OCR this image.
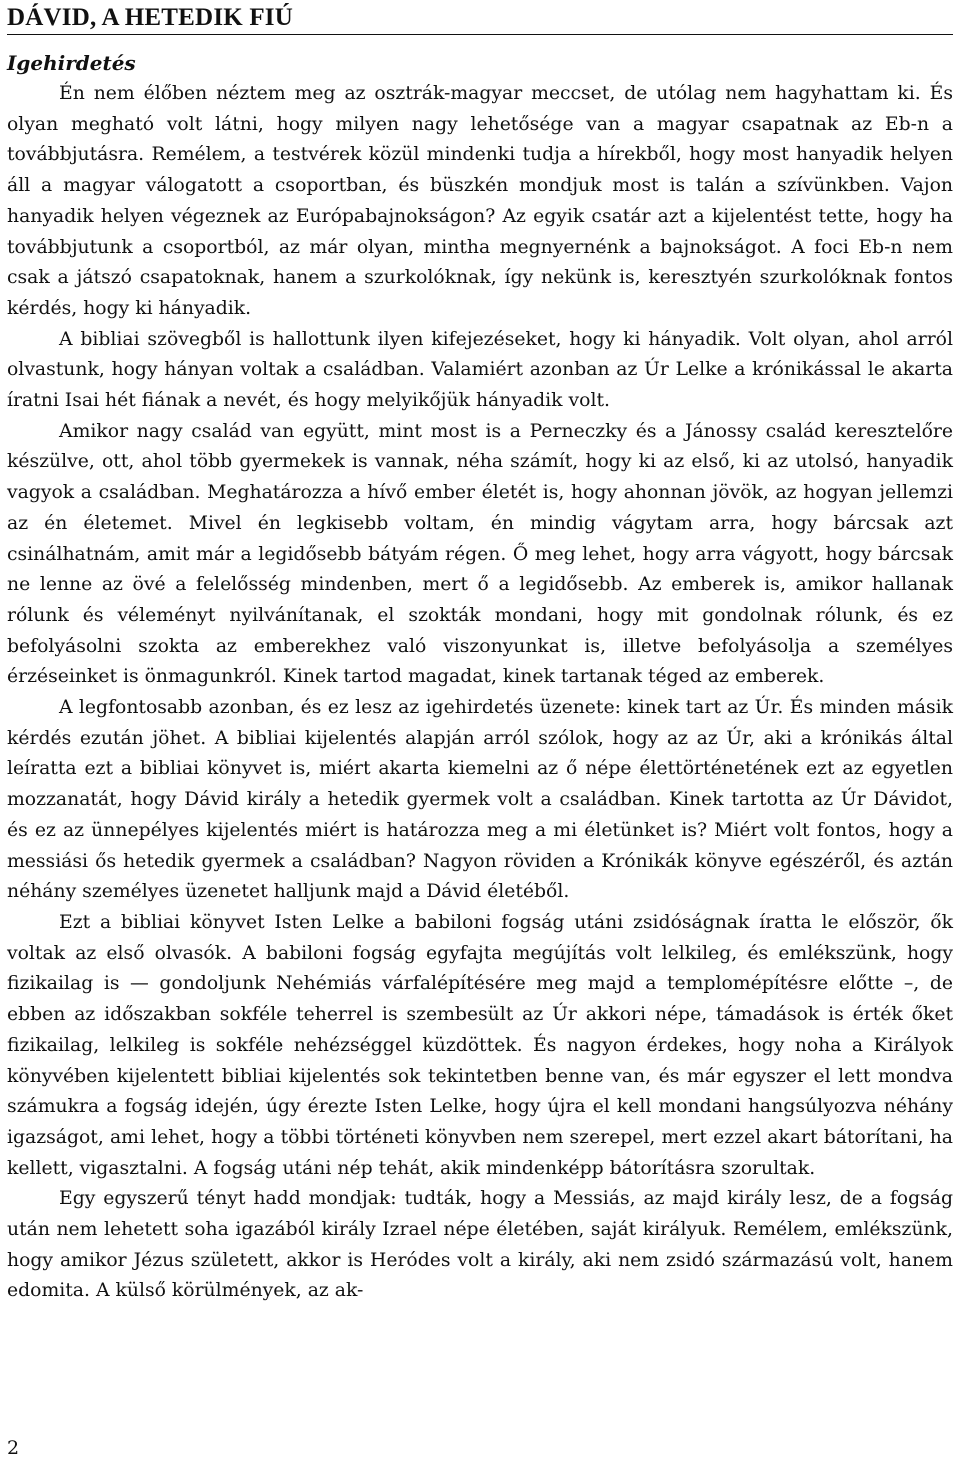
DÁVID, A HETEDIK FIÚ
Igehirdetés

Én nem élőben néztem meg az osztrák-magyar meccset, de utólag nem hagyhattam ki. És olyan megható volt látni, hogy milyen nagy lehetősége van a magyar csapatnak az Eb-n a továbbjutásra. Remélem, a testvérek közül mindenki tudja a hírekből, hogy most hanyadik helyen áll a magyar válogatott a csoportban, és büszkén mondjuk most is talán a szívünkben. Vajon hanyadik helyen végeznek az Európabajnokságon? Az egyik csatár azt a kijelentést tette, hogy ha továbbjutunk a csoportból, az már olyan, mintha megnyernénk a bajnokságot. A foci Eb-n nem csak a játszó csapatoknak, hanem a szurkolóknak, így nekünk is, keresztyén szurkolóknak fontos kérdés, hogy ki hányadik.

A bibliai szövegből is hallottunk ilyen kifejezéseket, hogy ki hányadik. Volt olyan, ahol arról olvastunk, hogy hányan voltak a családban. Valamiért azonban az Úr Lelke a krónikással le akarta íratni Isai hét fiának a nevét, és hogy melyikőjük hányadik volt.

Amikor nagy család van együtt, mint most is a Perneczky és a Jánossy család keresztelőre készülve, ott, ahol több gyermekek is vannak, néha számít, hogy ki az első, ki az utolsó, hanyadik vagyok a családban. Meghatározza a hívő ember életét is, hogy ahonnan jövök, az hogyan jellemzi az én életemet. Mivel én legkisebb voltam, én mindig vágytam arra, hogy bárcsak azt csinálhatnám, amit már a legidősebb bátyám régen. Ő meg lehet, hogy arra vágyott, hogy bárcsak ne lenne az övé a felelősség mindenben, mert ő a legidősebb. Az emberek is, amikor hallanak rólunk és véleményt nyilvánítanak, el szokták mondani, hogy mit gondolnak rólunk, és ez befolyásolni szokta az emberekhez való viszonyunkat is, illetve befolyásolja a személyes érzéseinket is önmagunkról. Kinek tartod magadat, kinek tartanak téged az emberek.

A legfontosabb azonban, és ez lesz az igehirdetés üzenete: kinek tart az Úr. És minden másik kérdés ezután jöhet. A bibliai kijelentés alapján arról szólok, hogy az az Úr, aki a krónikás által leíratta ezt a bibliai könyvet is, miért akarta kiemelni az ő népe élettörténetének ezt az egyetlen mozzanatát, hogy Dávid király a hetedik gyermek volt a családban. Kinek tartotta az Úr Dávidot, és ez az ünnepélyes kijelentés miért is határozza meg a mi életünket is? Miért volt fontos, hogy a messiási ős hetedik gyermek a családban? Nagyon röviden a Krónikák könyve egészéről, és aztán néhány személyes üzenetet halljunk majd a Dávid életéből.

Ezt a bibliai könyvet Isten Lelke a babiloni fogság utáni zsidóságnak íratta le először, ők voltak az első olvasók. A babiloni fogság egyfajta megújítás volt lelkileg, és emlékszünk, hogy fizikailag is — gondoljunk Nehémiás várfalépítésére meg majd a templomépítésre előtte –, de ebben az időszakban sokféle teherrel is szembesült az Úr akkori népe, támadások is érték őket fizikailag, lelkileg is sokféle nehézséggel küzdöttek. És nagyon érdekes, hogy noha a Királyok könyvében kijelentett bibliai kijelentés sok tekintetben benne van, és már egyszer el lett mondva számukra a fogság idején, úgy érezte Isten Lelke, hogy újra el kell mondani hangsúlyozva néhány igazságot, ami lehet, hogy a többi történeti könyvben nem szerepel, mert ezzel akart bátorítani, ha kellett, vigasztalni. A fogság utáni nép tehát, akik mindenképp bátorításra szorultak.

Egy egyszerű tényt hadd mondjak: tudták, hogy a Messiás, az majd király lesz, de a fogság után nem lehetett soha igazából király Izrael népe életében, saját királyuk. Remélem, emlékszünk, hogy amikor Jézus született, akkor is Heródes volt a király, aki nem zsidó származású volt, hanem edomita. A külső körülmények, az ak-

2
